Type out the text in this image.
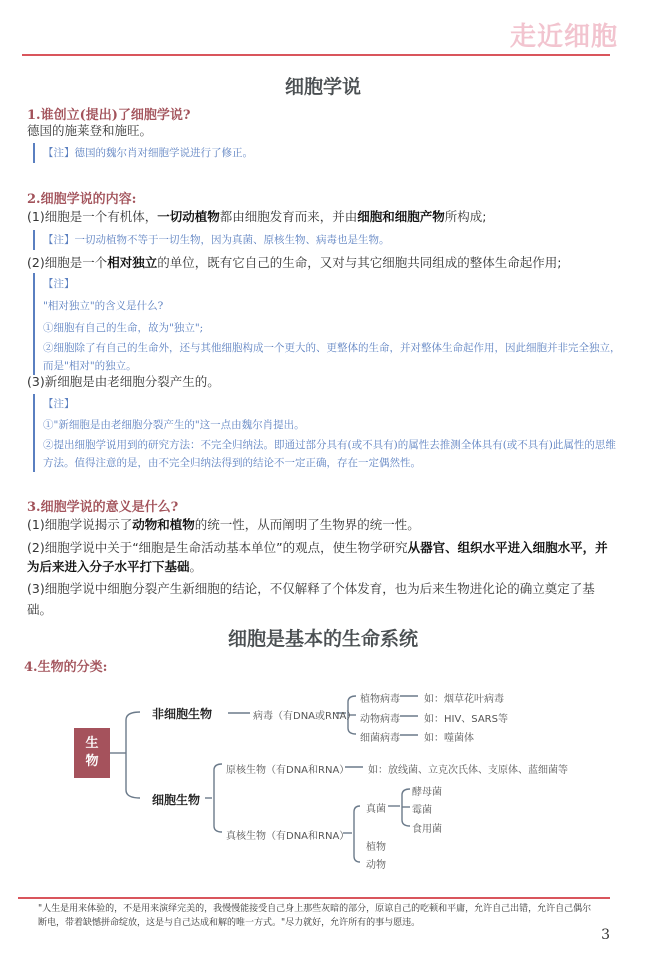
走近细胞
细胞学说
1.谁创立(提出)了细胞学说?
德国的施莱登和施旺。
【注】德国的魏尔肖对细胞学说进行了修正。
2.细胞学说的内容:
(1)细胞是一个有机体，一切动植物都由细胞发育而来，并由细胞和细胞产物所构成;
【注】一切动植物不等于一切生物，因为真菌、原核生物、病毒也是生物。
(2)细胞是一个相对独立的单位，既有它自己的生命，又对与其它细胞共同组成的整体生命起作用;
【注】
"相对独立"的含义是什么?
①细胞有自己的生命，故为"独立";
②细胞除了有自己的生命外，还与其他细胞构成一个更大的、更整体的生命，并对整体生命起作用，因此细胞并非完全独立，而是"相对"的独立。
(3)新细胞是由老细胞分裂产生的。
【注】
①"新细胞是由老细胞分裂产生的"这一点由魏尔肖提出。
②提出细胞学说用到的研究方法：不完全归纳法。即通过部分具有(或不具有)的属性去推测全体具有(或不具有)此属性的思维方法。值得注意的是，由不完全归纳法得到的结论不一定正确，存在一定偶然性。
3.细胞学说的意义是什么?
(1)细胞学说揭示了动物和植物的统一性，从而阐明了生物界的统一性。
(2)细胞学说中关于“细胞是生命活动基本单位”的观点，使生物学研究从器官、组织水平进入细胞水平，并为后来进入分子水平打下基础。
(3)细胞学说中细胞分裂产生新细胞的结论，不仅解释了个体发育，也为后来生物进化论的确立奠定了基础。
细胞是基本的生命系统
4.生物的分类:
生
物
非细胞生物	病毒（有DNA或RNA）
植物病毒 如：烟草花叶病毒
动物病毒 如：HIV、SARS等
细菌病毒 如：噬菌体
细胞生物
原核生物（有DNA和RNA） 如：放线菌、立克次氏体、支原体、蓝细菌等
真核生物（有DNA和RNA）
真菌
酵母菌
霉菌
食用菌
植物
动物
"人生是用来体验的，不是用来演绎完美的，我慢慢能接受自己身上那些灰暗的部分，原谅自己的吃顿和平庸，允许自己出错，允许自己偶尔断电，带着缺憾拼命绽放，这是与自己达成和解的唯一方式。"尽力就好，允许所有的事与愿违。
3
